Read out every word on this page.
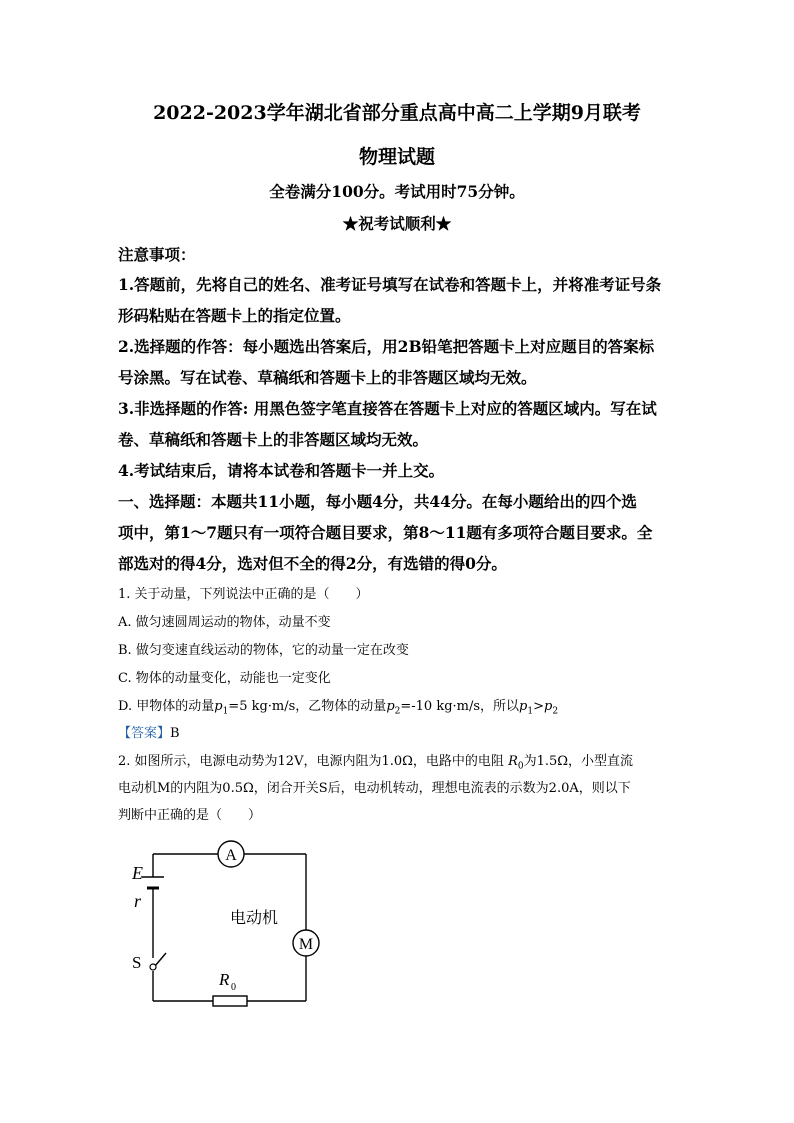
2022-2023学年湖北省部分重点高中高二上学期9月联考
物理试题
全卷满分100分。考试用时75分钟。
★祝考试顺利★
注意事项：
1.答题前，先将自己的姓名、准考证号填写在试卷和答题卡上，并将准考证号条
形码粘贴在答题卡上的指定位置。
2.选择题的作答：每小题选出答案后，用2B铅笔把答题卡上对应题目的答案标
号涂黑。写在试卷、草稿纸和答题卡上的非答题区域均无效。
3.非选择题的作答: 用黑色签字笔直接答在答题卡上对应的答题区域内。写在试
卷、草稿纸和答题卡上的非答题区域均无效。
4.考试结束后，请将本试卷和答题卡一并上交。
一、选择题：本题共11小题，每小题4分，共44分。在每小题给出的四个选
项中，第1～7题只有一项符合题目要求，第8～11题有多项符合题目要求。全
部选对的得4分，选对但不全的得2分，有选错的得0分。
1. 关于动量，下列说法中正确的是（　　）
A. 做匀速圆周运动的物体，动量不变
B. 做匀变速直线运动的物体，它的动量一定在改变
C. 物体的动量变化，动能也一定变化
D. 甲物体的动量$p_1=5$ kg·m/s，乙物体的动量$p_2=-10$ kg·m/s，所以$p_1>p_2$
【答案】B
2. 如图所示，电源电动势为12V，电源内阻为1.0Ω，电路中的电阻 $R_0$为1.5Ω，小型直流
电动机M的内阻为0.5Ω，闭合开关S后，电动机转动，理想电流表的示数为2.0A，则以下
判断中正确的是（　　）
A
M
E
r
电动机
S
R 0
